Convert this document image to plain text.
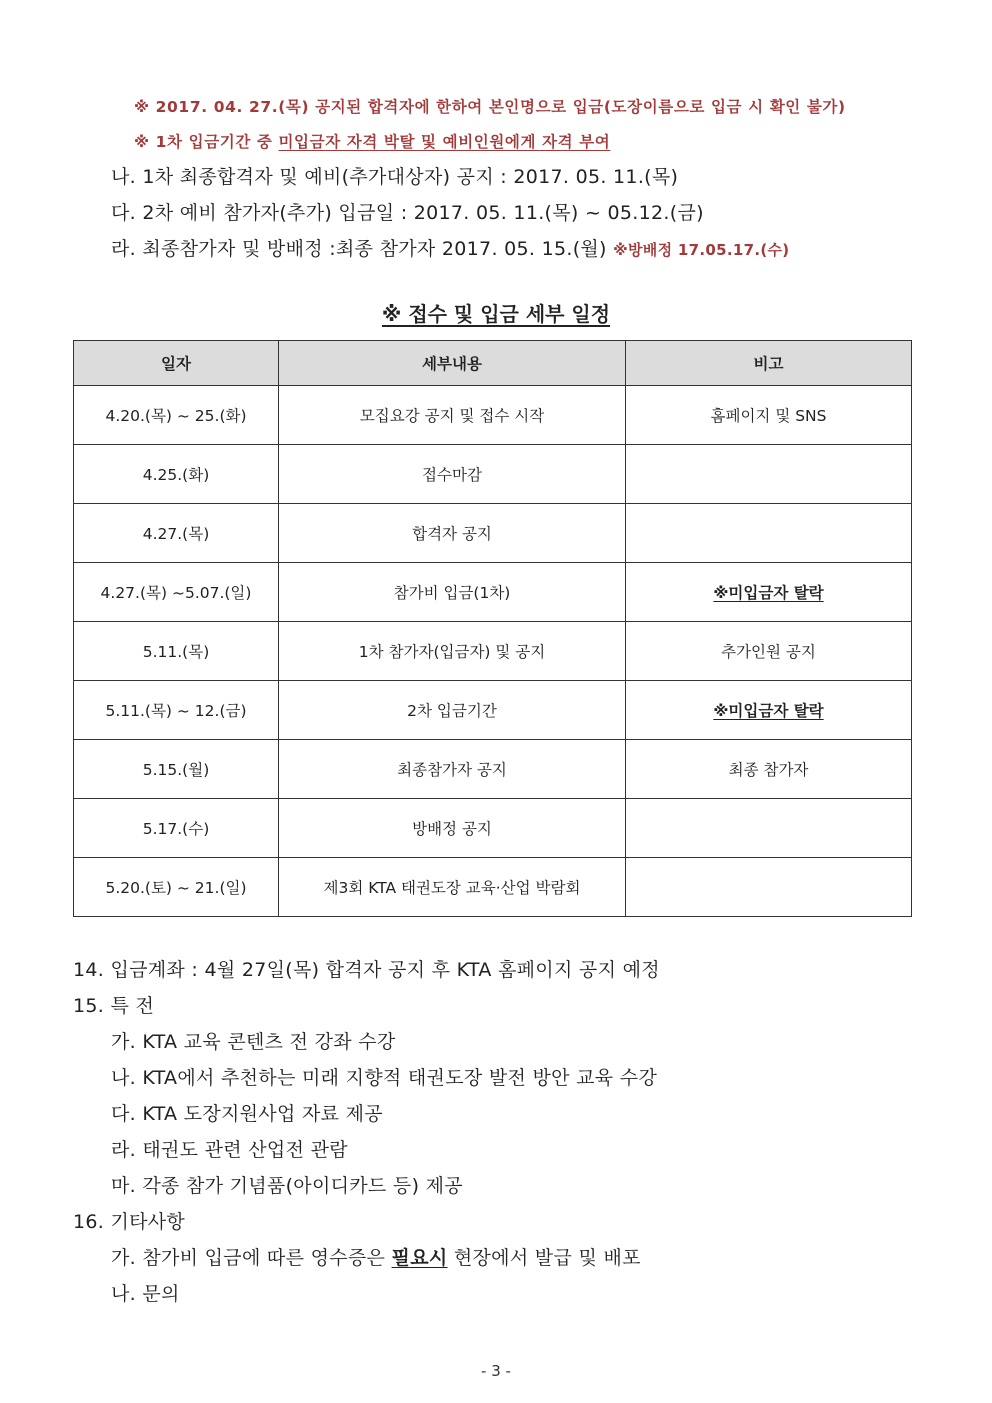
※ 2017. 04. 27.(목) 공지된 합격자에 한하여 본인명으로 입금(도장이름으로 입금 시 확인 불가)
※ 1차 입금기간 중 미입금자 자격 박탈 및 예비인원에게 자격 부여
나. 1차 최종합격자 및 예비(추가대상자) 공지 : 2017. 05. 11.(목)
다. 2차 예비 참가자(추가) 입금일 : 2017. 05. 11.(목) ~ 05.12.(금)
라. 최종참가자 및 방배정 :최종 참가자 2017. 05. 15.(월) ※방배정 17.05.17.(수)
※ 접수 및 입금 세부 일정
일자	세부내용	비고
4.20.(목) ~ 25.(화)	모집요강 공지 및 접수 시작	홈페이지 및 SNS
4.25.(화)	접수마감	
4.27.(목)	합격자 공지	
4.27.(목) ~5.07.(일)	참가비 입금(1차)	※미입금자 탈락
5.11.(목)	1차 참가자(입금자) 및 공지	추가인원 공지
5.11.(목) ~ 12.(금)	2차 입금기간	※미입금자 탈락
5.15.(월)	최종참가자 공지	최종 참가자
5.17.(수)	방배정 공지	
5.20.(토) ~ 21.(일)	제3회 KTA 태권도장 교육·산업 박람회	
14. 입금계좌 : 4월 27일(목) 합격자 공지 후 KTA 홈페이지 공지 예정
15. 특 전
가. KTA 교육 콘텐츠 전 강좌 수강
나. KTA에서 추천하는 미래 지향적 태권도장 발전 방안 교육 수강
다. KTA 도장지원사업 자료 제공
라. 태권도 관련 산업전 관람
마. 각종 참가 기념품(아이디카드 등) 제공
16. 기타사항
가. 참가비 입금에 따른 영수증은 필요시 현장에서 발급 및 배포
나. 문의
- 3 -
